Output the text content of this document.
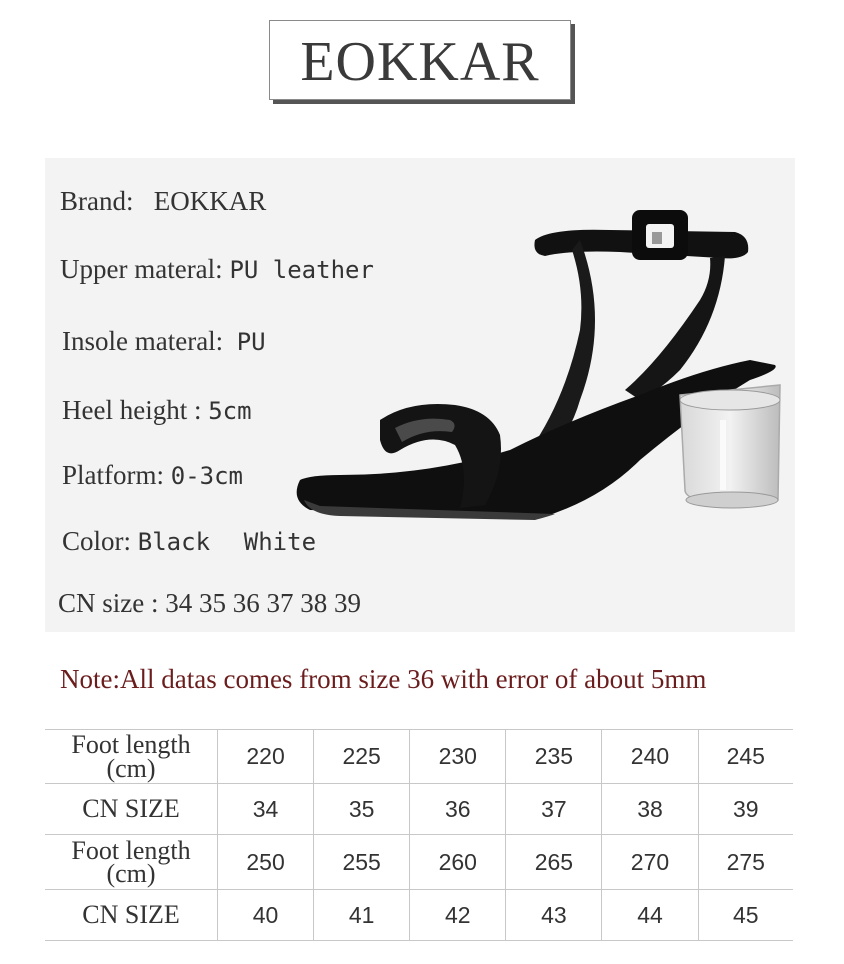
EOKKAR
Brand: EOKKAR
Upper materal: PU leather
Insole materal: PU
Heel height : 5cm
Platform: 0-3cm
Color: Black White
CN size : 34 35 36 37 38 39
Note:All datas comes from size 36 with error of about 5mm
Foot length (cm)	220	225	230	235	240	245
CN SIZE	34	35	36	37	38	39
Foot length (cm)	250	255	260	265	270	275
CN SIZE	40	41	42	43	44	45
